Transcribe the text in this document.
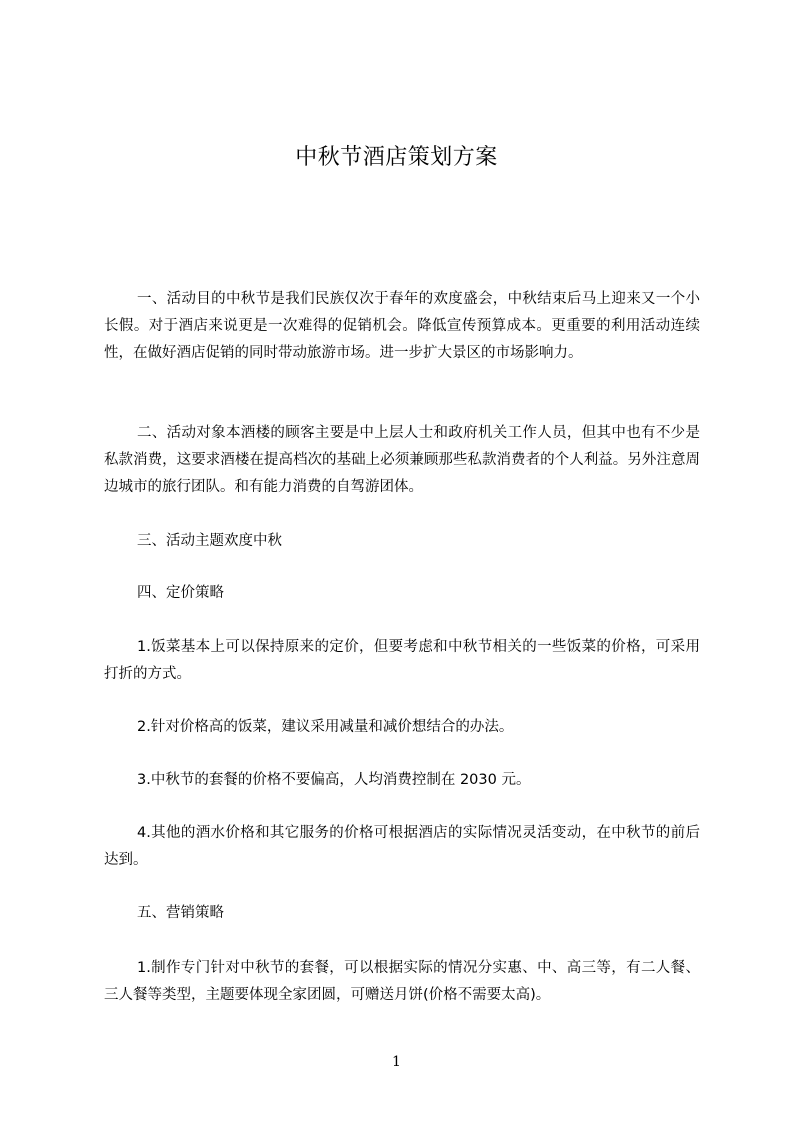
中秋节酒店策划方案
一、活动目的中秋节是我们民族仅次于春年的欢度盛会，中秋结束后马上迎来又一个小长假。对于酒店来说更是一次难得的促销机会。降低宣传预算成本。更重要的利用活动连续性，在做好酒店促销的同时带动旅游市场。进一步扩大景区的市场影响力。
二、活动对象本酒楼的顾客主要是中上层人士和政府机关工作人员，但其中也有不少是私款消费，这要求酒楼在提高档次的基础上必须兼顾那些私款消费者的个人利益。另外注意周边城市的旅行团队。和有能力消费的自驾游团体。
三、活动主题欢度中秋
四、定价策略
1.饭菜基本上可以保持原来的定价，但要考虑和中秋节相关的一些饭菜的价格，可采用打折的方式。
2.针对价格高的饭菜，建议采用减量和减价想结合的办法。
3.中秋节的套餐的价格不要偏高，人均消费控制在 2030 元。
4.其他的酒水价格和其它服务的价格可根据酒店的实际情况灵活变动，在中秋节的前后达到。
五、营销策略
1.制作专门针对中秋节的套餐，可以根据实际的情况分实惠、中、高三等，有二人餐、三人餐等类型，主题要体现全家团圆，可赠送月饼(价格不需要太高)。
1
